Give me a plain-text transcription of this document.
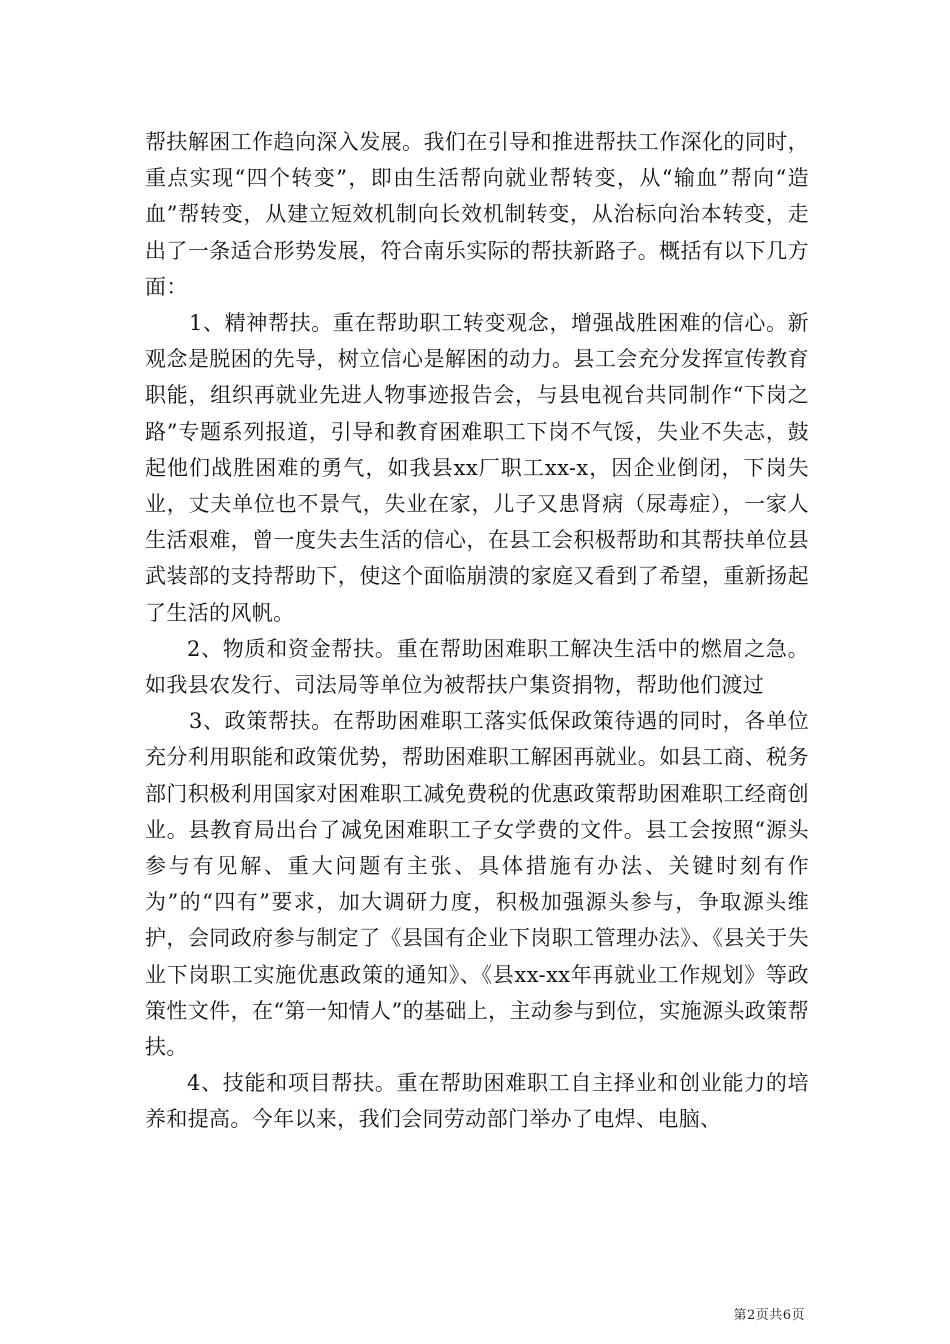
帮扶解困工作趋向深入发展。我们在引导和推进帮扶工作深化的同时，重点实现“四个转变”，即由生活帮向就业帮转变，从“输血”帮向“造血”帮转变，从建立短效机制向长效机制转变，从治标向治本转变，走出了一条适合形势发展，符合南乐实际的帮扶新路子。概括有以下几方面：

1、精神帮扶。重在帮助职工转变观念，增强战胜困难的信心。新观念是脱困的先导，树立信心是解困的动力。县工会充分发挥宣传教育职能，组织再就业先进人物事迹报告会，与县电视台共同制作“下岗之路”专题系列报道，引导和教育困难职工下岗不气馁，失业不失志，鼓起他们战胜困难的勇气，如我县xx厂职工xx-x，因企业倒闭，下岗失业，丈夫单位也不景气，失业在家，儿子又患肾病（尿毒症），一家人生活艰难，曾一度失去生活的信心，在县工会积极帮助和其帮扶单位县武装部的支持帮助下，使这个面临崩溃的家庭又看到了希望，重新扬起了生活的风帆。

2、物质和资金帮扶。重在帮助困难职工解决生活中的燃眉之急。如我县农发行、司法局等单位为被帮扶户集资捐物，帮助他们渡过

3、政策帮扶。在帮助困难职工落实低保政策待遇的同时，各单位充分利用职能和政策优势，帮助困难职工解困再就业。如县工商、税务部门积极利用国家对困难职工减免费税的优惠政策帮助困难职工经商创业。县教育局出台了减免困难职工子女学费的文件。县工会按照“源头参与有见解、重大问题有主张、具体措施有办法、关键时刻有作为”的“四有”要求，加大调研力度，积极加强源头参与，争取源头维护，会同政府参与制定了《县国有企业下岗职工管理办法》、《县关于失业下岗职工实施优惠政策的通知》、《县xx-xx年再就业工作规划》等政策性文件，在“第一知情人”的基础上，主动参与到位，实施源头政策帮扶。

4、技能和项目帮扶。重在帮助困难职工自主择业和创业能力的培养和提高。今年以来，我们会同劳动部门举办了电焊、电脑、

第2页共6页
